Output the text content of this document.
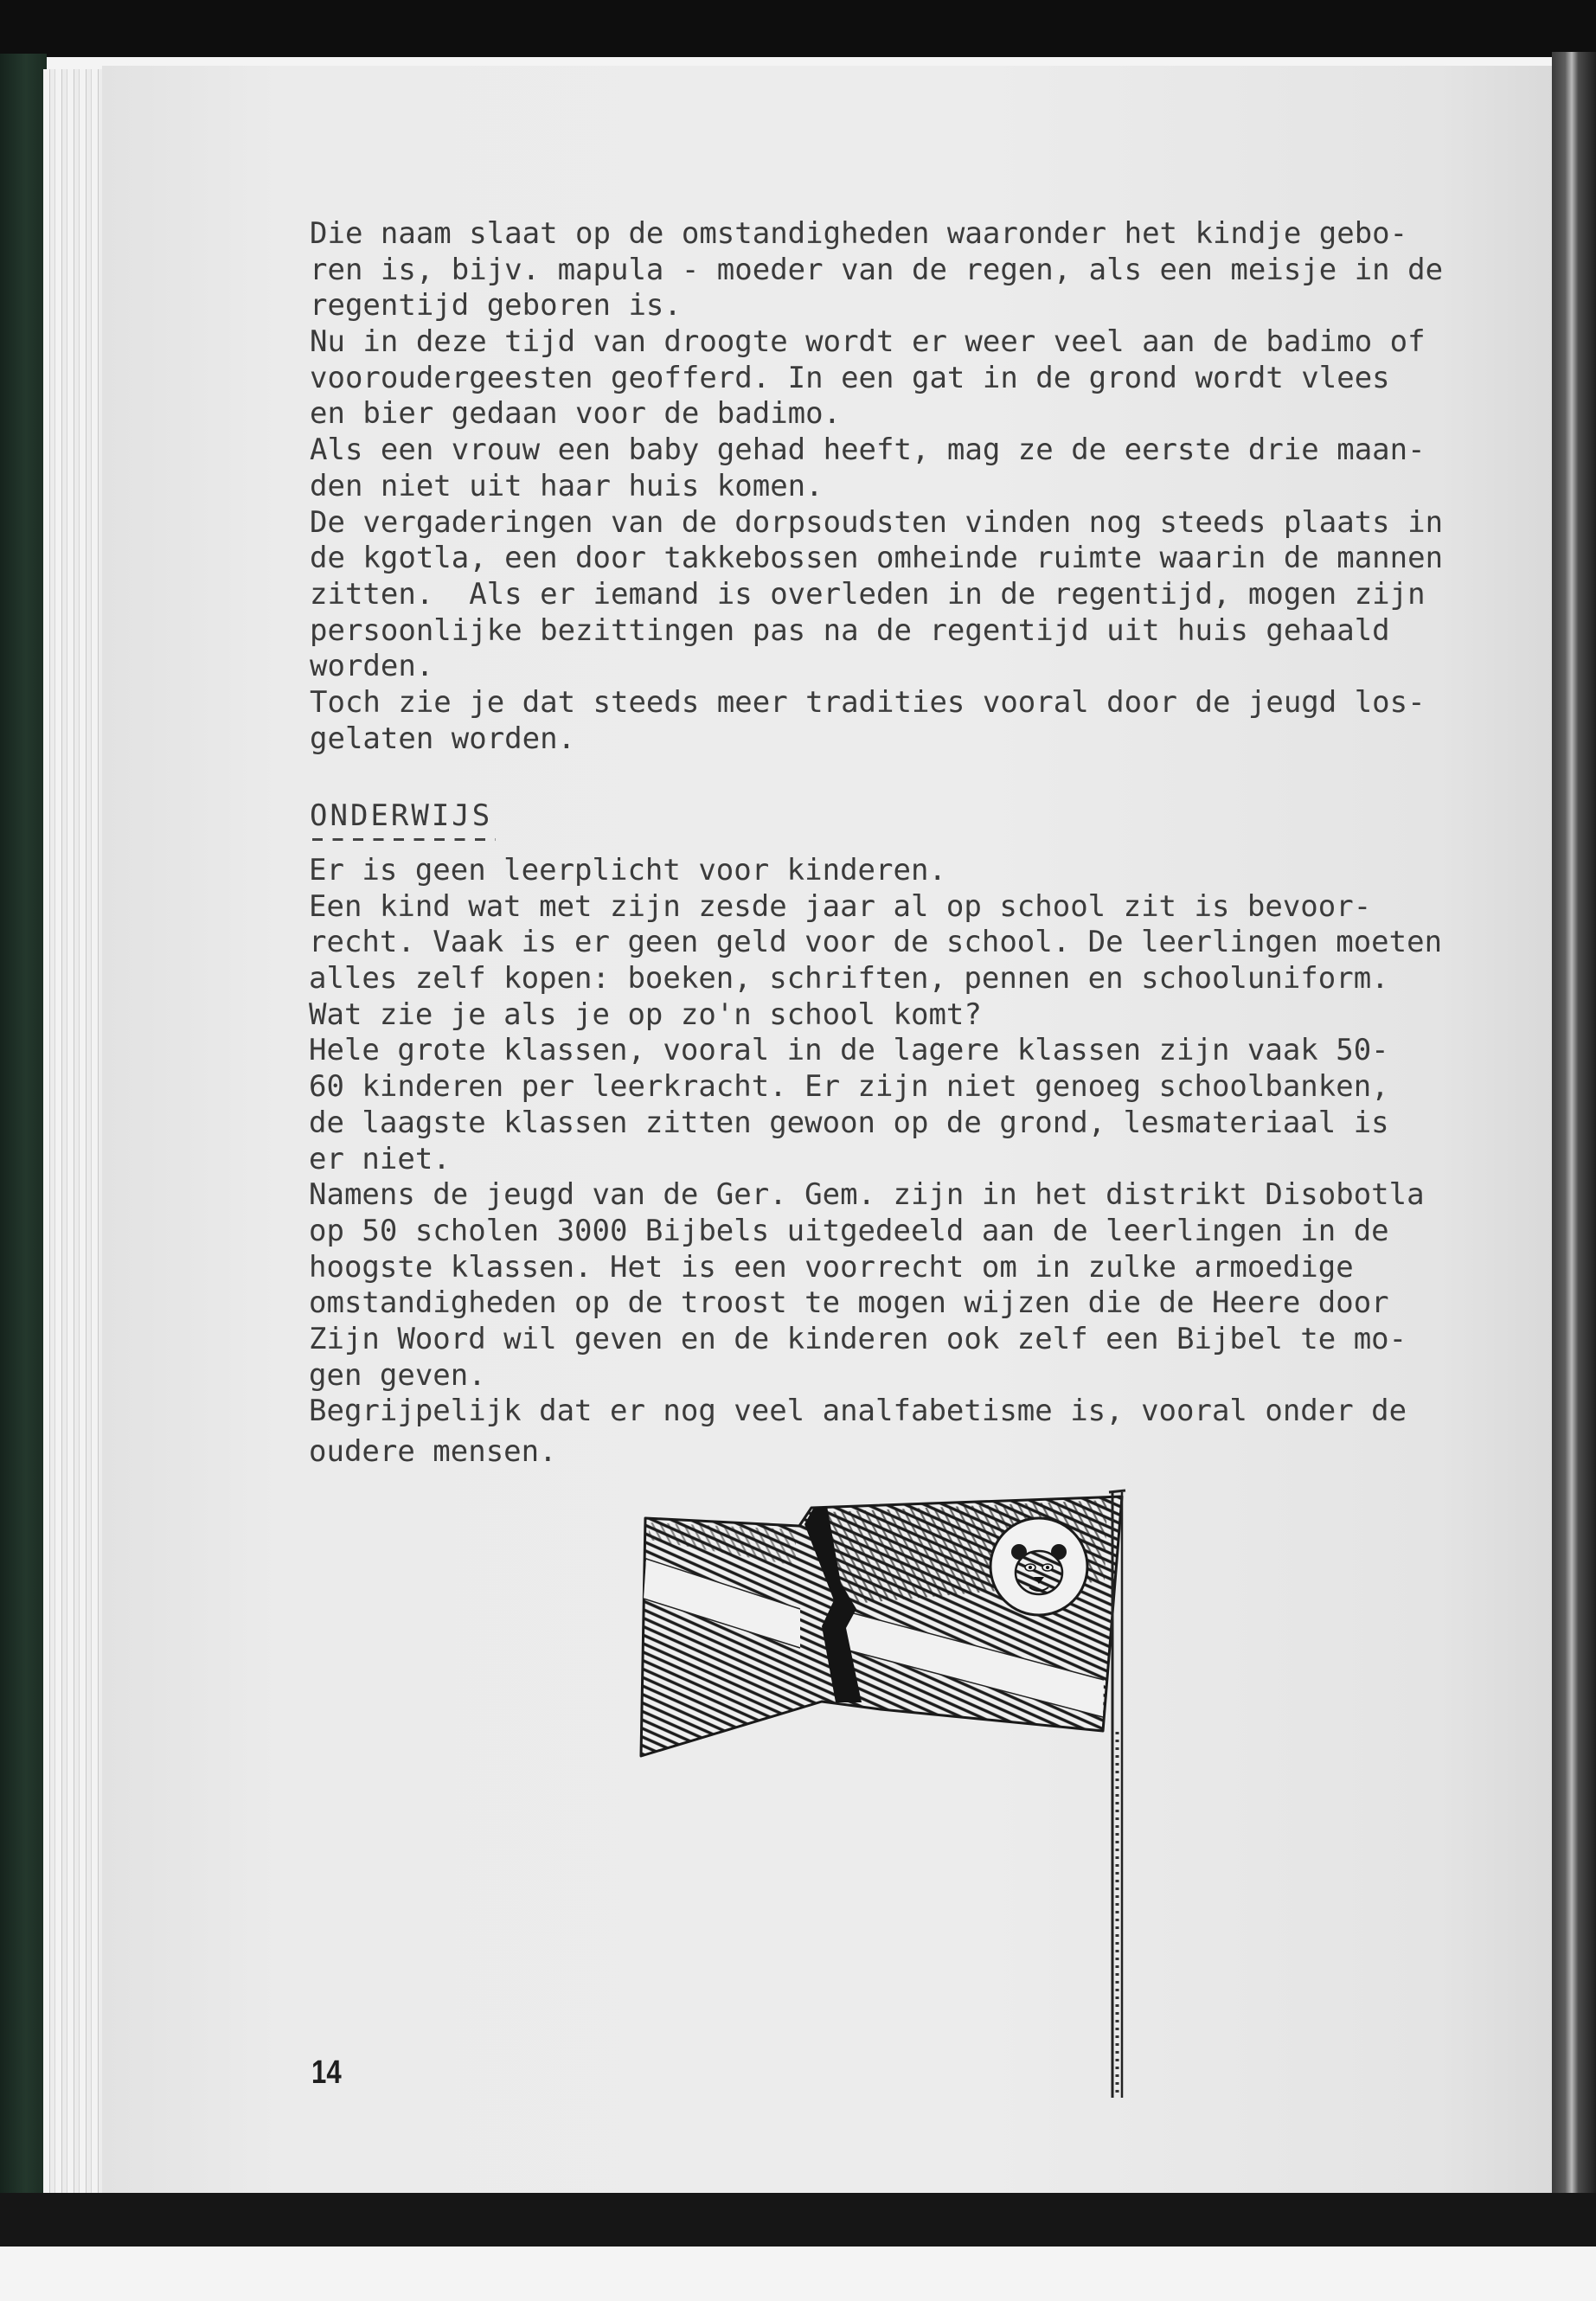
Die naam slaat op de omstandigheden waaronder het kindje gebo-
ren is, bijv. mapula - moeder van de regen, als een meisje in de
regentijd geboren is.
Nu in deze tijd van droogte wordt er weer veel aan de badimo of
vooroudergeesten geofferd. In een gat in de grond wordt vlees
en bier gedaan voor de badimo.
Als een vrouw een baby gehad heeft, mag ze de eerste drie maan-
den niet uit haar huis komen.
De vergaderingen van de dorpsoudsten vinden nog steeds plaats in
de kgotla, een door takkebossen omheinde ruimte waarin de mannen
zitten.  Als er iemand is overleden in de regentijd, mogen zijn
persoonlijke bezittingen pas na de regentijd uit huis gehaald
worden.
Toch zie je dat steeds meer tradities vooral door de jeugd los-
gelaten worden.
ONDERWIJS
Er is geen leerplicht voor kinderen.
Een kind wat met zijn zesde jaar al op school zit is bevoor-
recht. Vaak is er geen geld voor de school. De leerlingen moeten
alles zelf kopen: boeken, schriften, pennen en schooluniform.
Wat zie je als je op zo'n school komt?
Hele grote klassen, vooral in de lagere klassen zijn vaak 50-
60 kinderen per leerkracht. Er zijn niet genoeg schoolbanken,
de laagste klassen zitten gewoon op de grond, lesmateriaal is
er niet.
Namens de jeugd van de Ger. Gem. zijn in het distrikt Disobotla
op 50 scholen 3000 Bijbels uitgedeeld aan de leerlingen in de
hoogste klassen. Het is een voorrecht om in zulke armoedige
omstandigheden op de troost te mogen wijzen die de Heere door
Zijn Woord wil geven en de kinderen ook zelf een Bijbel te mo-
gen geven.
Begrijpelijk dat er nog veel analfabetisme is, vooral onder de
oudere mensen.
14
